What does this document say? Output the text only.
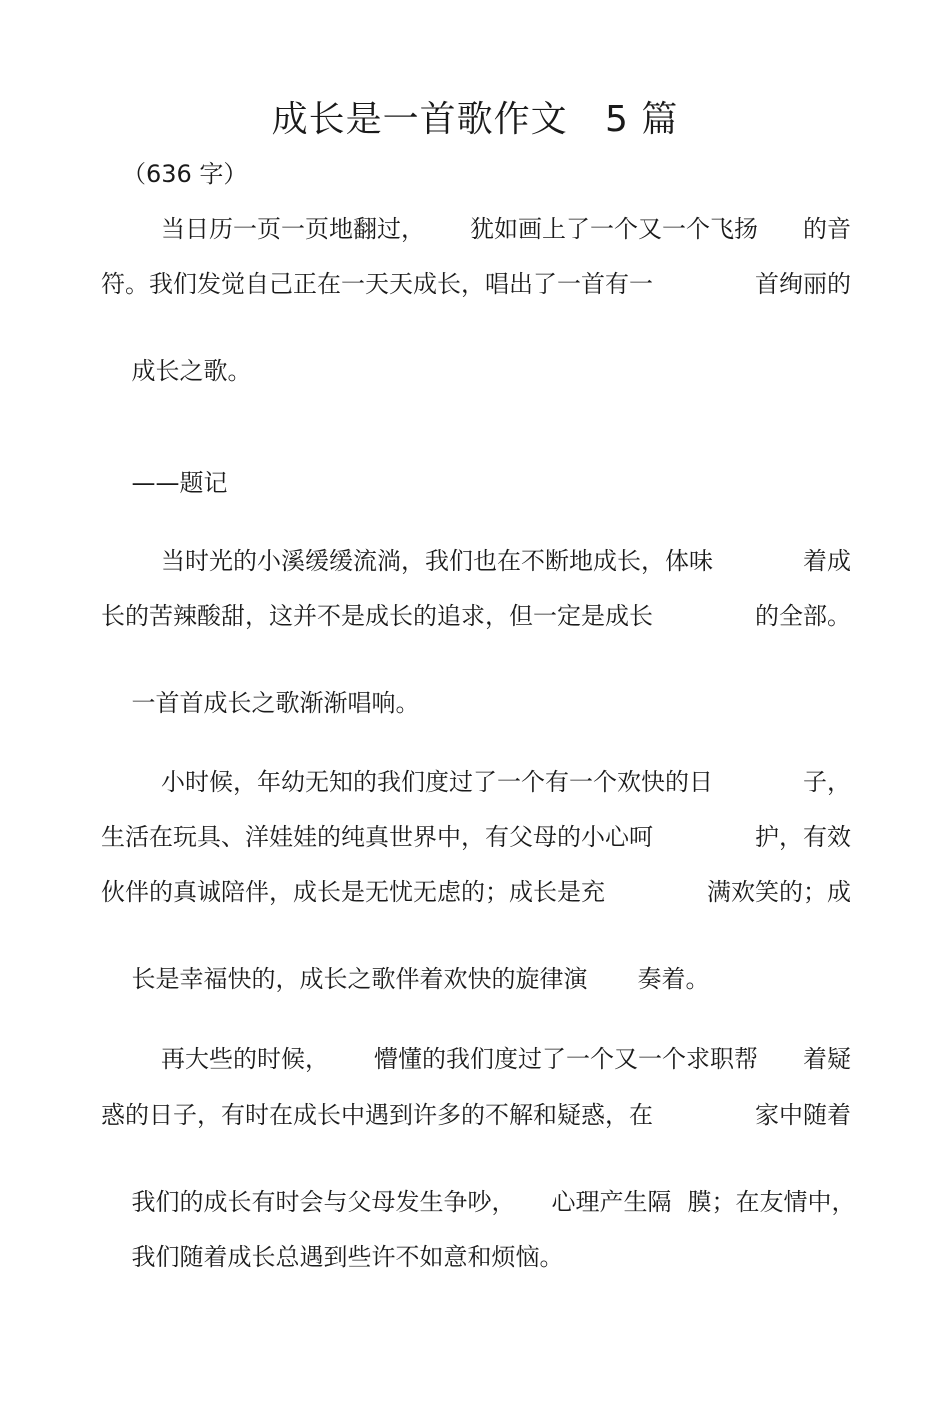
成长是一首歌作文   5 篇
（636 字）
当日历一页一页地翻过， 犹如画上了一个又一个飞扬 的音
符。我们发觉自己正在一天天成长，唱出了一首有一	首绚丽的

成长之歌。

——题记

当时光的小溪缓缓流淌，我们也在不断地成长，体味	着成
长的苦辣酸甜，这并不是成长的追求，但一定是成长	的全部。

一首首成长之歌渐渐唱响。

小时候，年幼无知的我们度过了一个有一个欢快的日	子，
生活在玩具、洋娃娃的纯真世界中，有父母的小心呵	护，有效
伙伴的真诚陪伴，成长是无忧无虑的；成长是充	满欢笑的；成

长是幸福快的，成长之歌伴着欢快的旋律演 奏着。

再大些的时候， 懵懂的我们度过了一个又一个求职帮 着疑
惑的日子，有时在成长中遇到许多的不解和疑惑，在	家中随着

我们的成长有时会与父母发生争吵， 心理产生隔 膜；在友情中，

我们随着成长总遇到些许不如意和烦恼。
